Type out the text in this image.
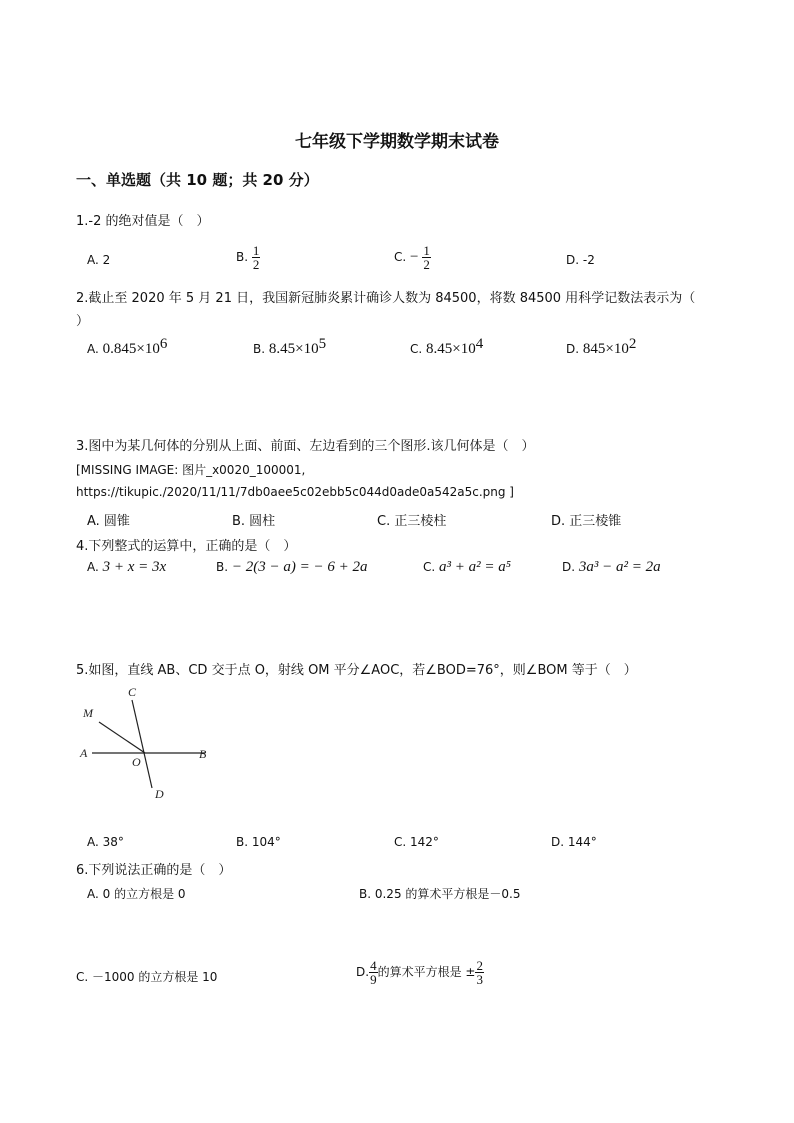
七年级下学期数学期末试卷
一、单选题（共 10 题；共 20 分）
1.-2 的绝对值是（　）
A. 2	B. $\frac{1}{2}$	C. − $\frac{1}{2}$	D. -2
2.截止至 2020 年 5 月 21 日，我国新冠肺炎累计确诊人数为 84500，将数 84500 用科学记数法表示为（
）
A. $0.845\times 10^6$	B. $8.45\times 10^5$	C. $8.45\times 10^4$	D. $845\times 10^2$
3.图中为某几何体的分别从上面、前面、左边看到的三个图形.该几何体是（　）
[MISSING IMAGE: 图片_x0020_100001,
https://tikupic./2020/11/11/7db0aee5c02ebb5c044d0ade0a542a5c.png ]
A. 圆锥	B. 圆柱	C. 正三棱柱	D. 正三棱锥
4.下列整式的运算中，正确的是（　）
A. 3 + x = 3x	B. − 2(3 − a) = − 6 + 2a	C. a³ + a² = a⁵	D. 3a³ − a² = 2a
5.如图，直线 AB、CD 交于点 O，射线 OM 平分∠AOC，若∠BOD=76°，则∠BOM 等于（　）
C
M
A
O
B
D
A. 38°	B. 104°	C. 142°	D. 144°
6.下列说法正确的是（　）
A. 0 的立方根是 0	B. 0.25 的算术平方根是－0.5
C. －1000 的立方根是 10	D. $\frac{4}{9}$ 的算术平方根是 ± $\frac{2}{3}$
